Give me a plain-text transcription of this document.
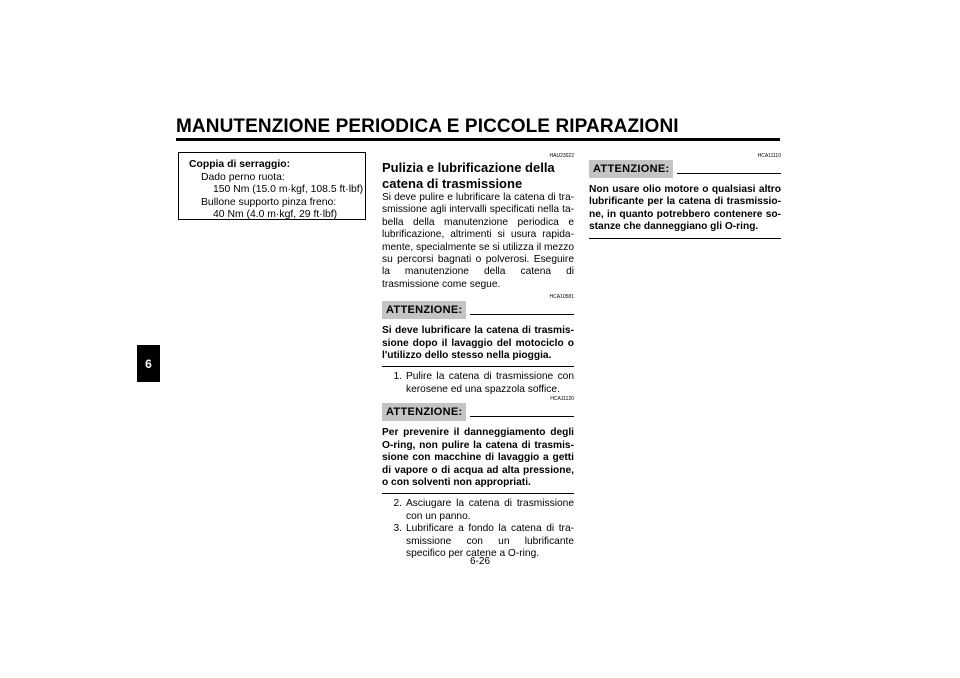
MANUTENZIONE PERIODICA E PICCOLE RIPARAZIONI
6
Coppia di serraggio:
Dado perno ruota:
150 Nm (15.0 m·kgf, 108.5 ft·lbf)
Bullone supporto pinza freno:
40 Nm (4.0 m·kgf, 29 ft·lbf)
HAU23022
Pulizia e lubrificazione della catena di trasmissione

Si deve pulire e lubrificare la catena di tra-smissione agli intervalli specificati nella ta-bella della manutenzione periodica e lubrificazione, altrimenti si usura rapida-mente, specialmente se si utilizza il mezzo su percorsi bagnati o polverosi. Eseguire la manutenzione della catena di trasmissione come segue.

HCA10581
ATTENZIONE:
Si deve lubrificare la catena di trasmis-sione dopo il lavaggio del motociclo o l'utilizzo dello stesso nella pioggia.
1. Pulire la catena di trasmissione con kerosene ed una spazzola soffice.
HCA11120
ATTENZIONE:
Per prevenire il danneggiamento degli O-ring, non pulire la catena di trasmis-sione con macchine di lavaggio a getti di vapore o di acqua ad alta pressione, o con solventi non appropriati.
2. Asciugare la catena di trasmissione con un panno.
3. Lubrificare a fondo la catena di tra-smissione con un lubrificante specifico per catene a O-ring.
HCA11110
ATTENZIONE:
Non usare olio motore o qualsiasi altro lubrificante per la catena di trasmissio-ne, in quanto potrebbero contenere so-stanze che danneggiano gli O-ring.
6-26
